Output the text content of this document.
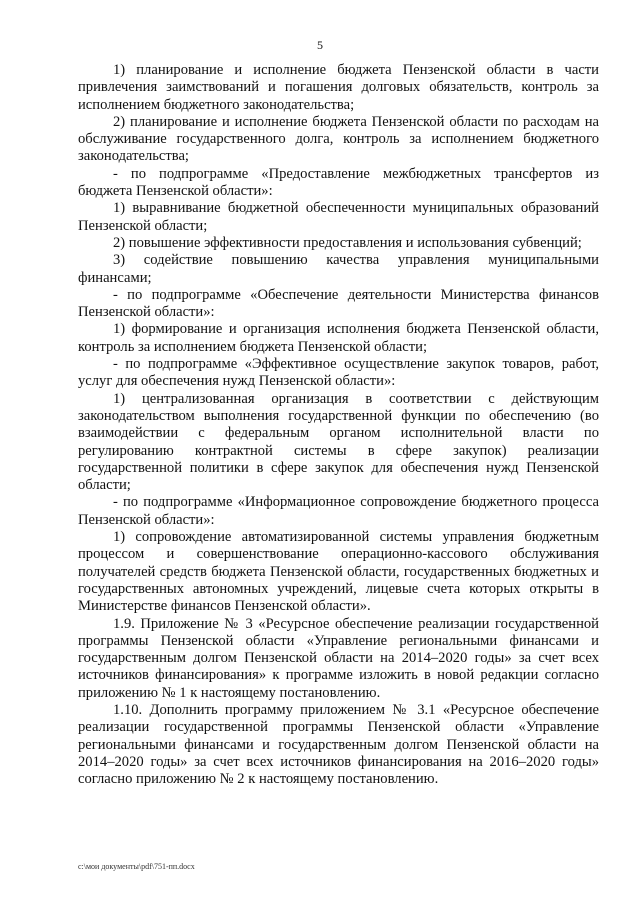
5

1) планирование и исполнение бюджета Пензенской области в части привлечения заимствований и погашения долговых обязательств, контроль за исполнением бюджетного законодательства;

2) планирование и исполнение бюджета Пензенской области по расходам на обслуживание государственного долга, контроль за исполнением бюджетного законодательства;

- по подпрограмме «Предоставление межбюджетных трансфертов из бюджета Пензенской области»:

1) выравнивание бюджетной обеспеченности муниципальных образований Пензенской области;

2) повышение эффективности предоставления и использования субвенций;

3) содействие повышению качества управления муниципальными финансами;

- по подпрограмме «Обеспечение деятельности Министерства финансов Пензенской области»:

1) формирование и организация исполнения бюджета Пензенской области, контроль за исполнением бюджета Пензенской области;

- по подпрограмме «Эффективное осуществление закупок товаров, работ, услуг для обеспечения нужд Пензенской области»:

1) централизованная организация в соответствии с действующим законодательством выполнения государственной функции по обеспечению (во взаимодействии с федеральным органом исполнительной власти по регулированию контрактной системы в сфере закупок) реализации государственной политики в сфере закупок для обеспечения нужд Пензенской области;

- по подпрограмме «Информационное сопровождение бюджетного процесса Пензенской области»:

1) сопровождение автоматизированной системы управления бюджетным процессом и совершенствование операционно-кассового обслуживания получателей средств бюджета Пензенской области, государственных бюджетных и государственных автономных учреждений, лицевые счета которых открыты в Министерстве финансов Пензенской области».

1.9. Приложение № 3 «Ресурсное обеспечение реализации государственной программы Пензенской области «Управление региональными финансами и государственным долгом Пензенской области на 2014–2020 годы» за счет всех источников финансирования» к программе изложить в новой редакции согласно приложению № 1 к настоящему постановлению.

1.10. Дополнить программу приложением № 3.1 «Ресурсное обеспечение реализации государственной программы Пензенской области «Управление региональными финансами и государственным долгом Пензенской области на 2014–2020 годы» за счет всех источников финансирования на 2016–2020 годы» согласно приложению № 2 к настоящему постановлению.

c:\мои документы\pdf\751-пп.docx
